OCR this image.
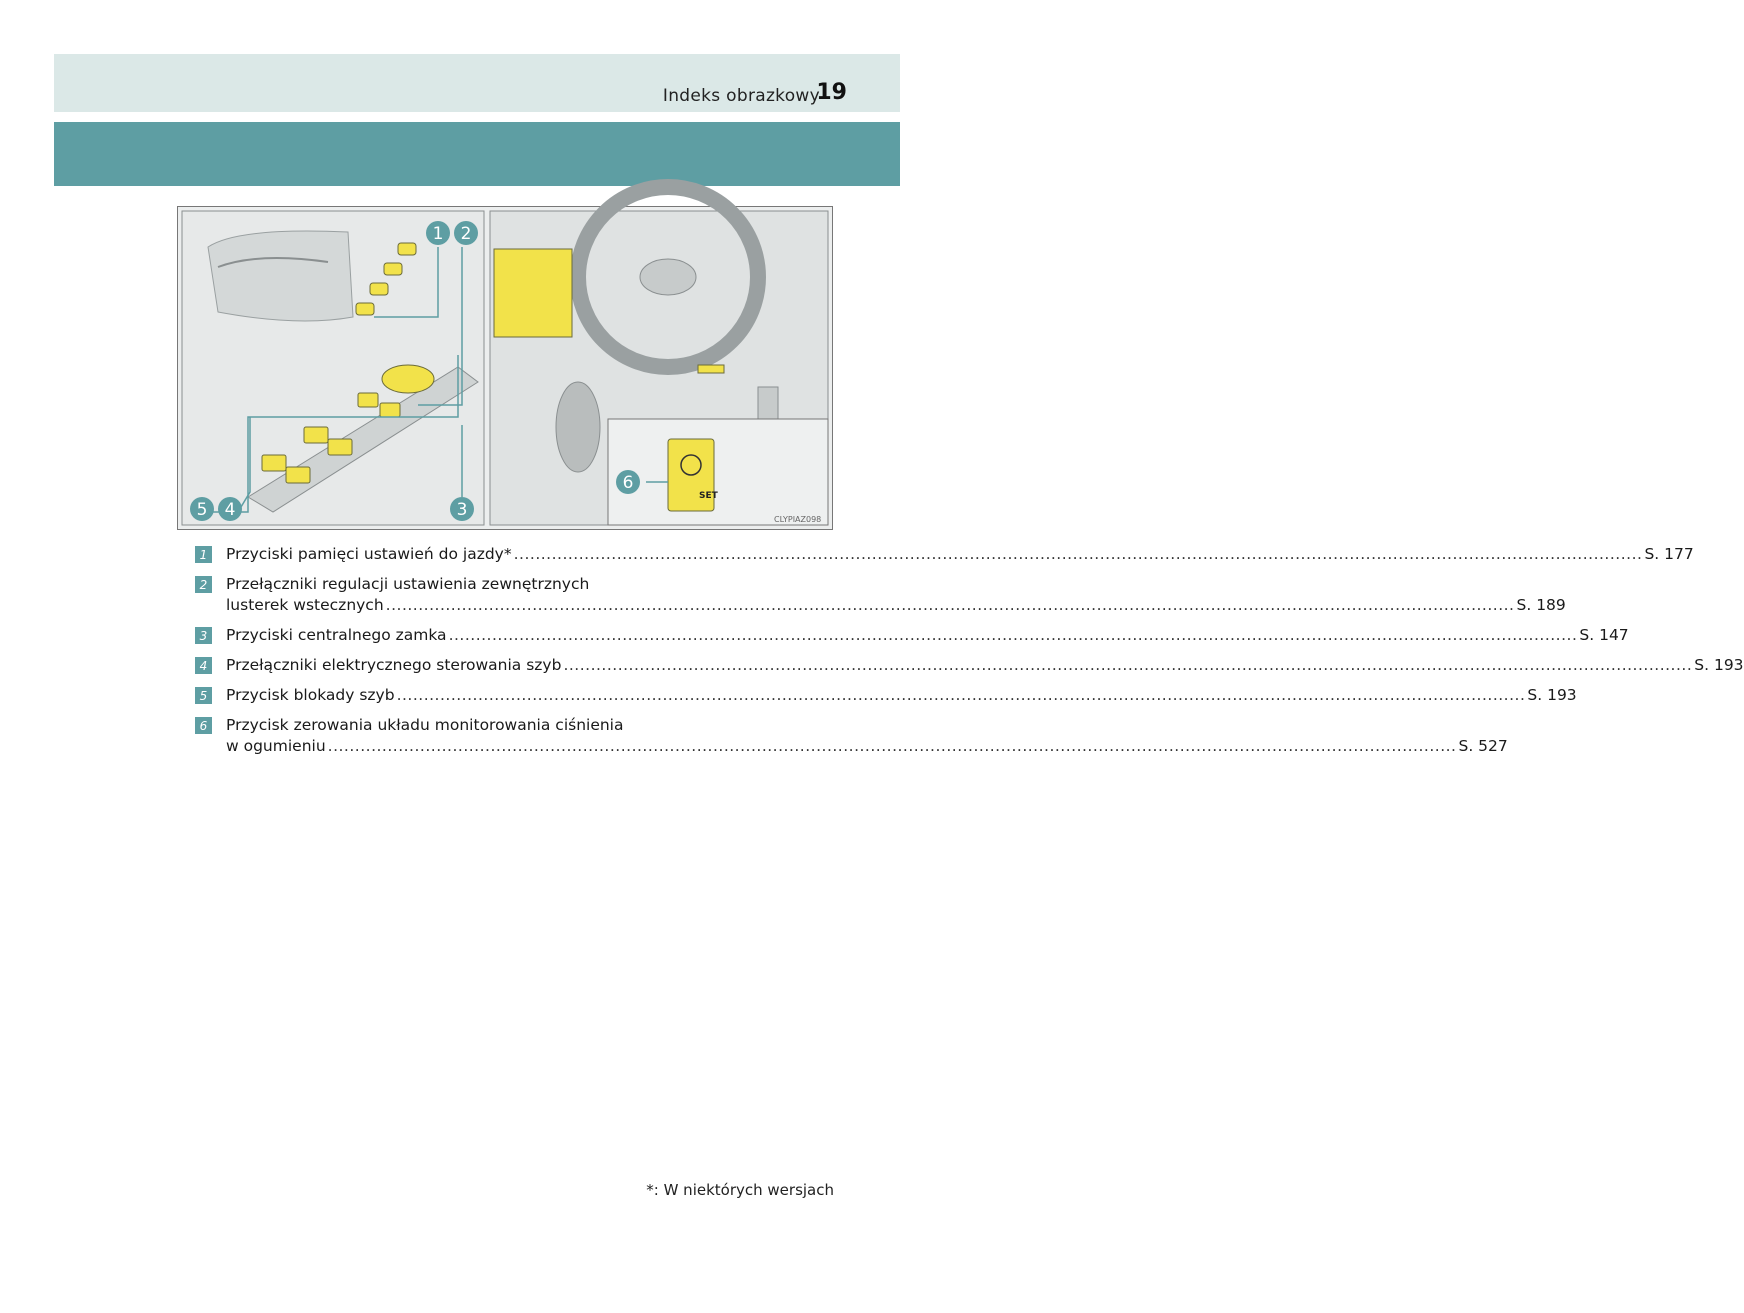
Indeks obrazkowy
19
SET
CLYPIAZ098
1 2
3
4
5
6
1	Przyciski pamięci ustawień do jazdy* .....	S. 177
2	Przełączniki regulacji ustawienia zewnętrznych
lusterek wstecznych .....	S. 189
3	Przyciski centralnego zamka .....	S. 147
4	Przełączniki elektrycznego sterowania szyb .....	S. 193
5	Przycisk blokady szyb .....	S. 193
6	Przycisk zerowania układu monitorowania ciśnienia
w ogumieniu .....	S. 527
*: W niektórych wersjach
